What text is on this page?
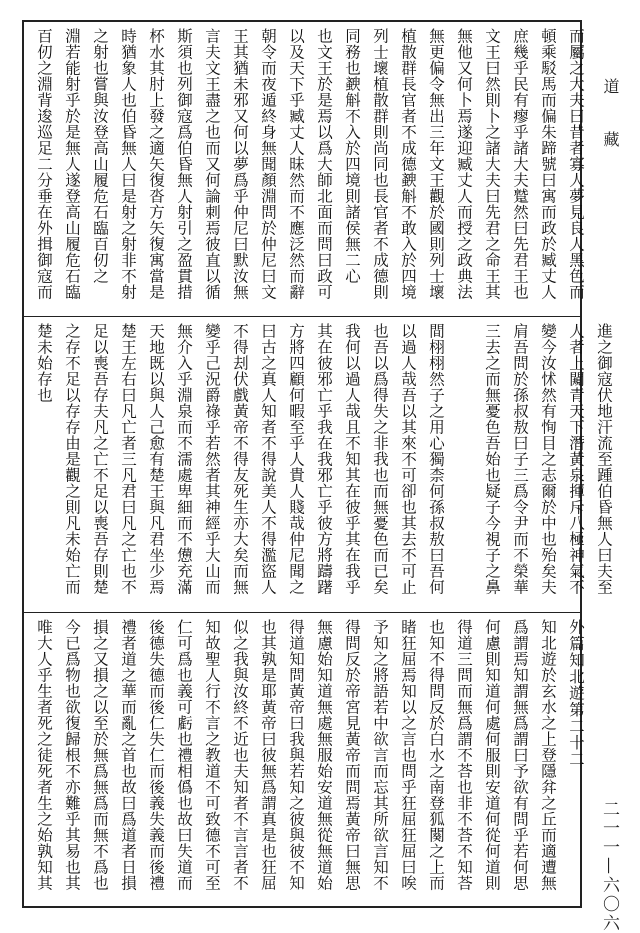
而屬之大夫曰昔者寡人夢見良人黑色而
頓乘駁馬而偏朱蹄號曰寓而政於臧丈人
庶幾乎民有瘳乎諸大夫蹵然曰先君王也
文王曰然則卜之諸大夫曰先君之命王其
無他又何卜焉遂迎臧丈人而授之政典法
無更偏令無出三年文王觀於國則列士壞
植散群長官者不成德斔斛不敢入於四境
列士壞植散群則尚同也長官者不成德則
同務也斔斛不入於四境則諸侯無二心
也文王於是焉以爲大師北面而問曰政可
以及天下乎臧丈人昧然而不應泛然而辭
朝令而夜遁終身無聞顏淵問於仲尼曰文
王其猶未邪又何以夢爲乎仲尼曰默汝無
言夫文王盡之也而又何論刺焉彼直以循
斯須也列御寇爲伯昏無人射引之盈貫措
杯水其肘上發之適矢復沓方矢復寓當是
時猶象人也伯昏無人曰是射之射非不射
之射也嘗與汝登高山履危石臨百仞之
淵若能射乎於是無人遂登高山履危石臨
百仞之淵背逡巡足二分垂在外揖御寇而
進之御寇伏地汗流至踵伯昏無人曰夫至
人者上闚青天下潛黃泉揮斥八極神氣不
變今汝怵然有恂目之志爾於中也殆矣夫
肩吾問於孫叔敖曰子三爲令尹而不榮華
三去之而無憂色吾始也疑子今視子之鼻

間栩栩然子之用心獨柰何孫叔敖曰吾何
以過人哉吾以其來不可卻也其去不可止
也吾以爲得失之非我也而無憂色而已矣
我何以過人哉且不知其在彼乎其在我乎
其在彼邪亡乎我在我邪亡乎彼方將躊躇
方將四顧何暇至乎人貴人賤哉仲尼聞之
曰古之真人知者不得說美人不得濫盜人
不得刦伏戲黃帝不得友死生亦大矣而無
變乎己況爵祿乎若然者其神經乎大山而
無介入乎淵泉而不濡處卑細而不憊充滿
天地既以與人己愈有楚王與凡君坐少焉
楚王左右曰凡亡者三凡君曰凡之亡也不
足以喪吾存夫凡之亡不足以喪吾存則楚
之存不足以存存由是觀之則凡未始亡而
楚未始存也

外篇知北遊第二十二
知北遊於玄水之上登隱弅之丘而適遭無
爲謂焉知謂無爲謂曰予欲有問乎若何思
何慮則知道何處何服則安道何從何道則
得道三問而無爲謂不荅也非不荅不知荅
也知不得問反於白水之南登狐闋之上而
睹狂屈焉知以之言也問乎狂屈狂屈曰唉
予知之將語若中欲言而忘其所欲言知不
得問反於帝宮見黃帝而問焉黃帝曰無思
無慮始知道無處無服始安道無從無道始
得道知問黃帝曰我與若知之彼與彼不知
也其孰是耶黃帝曰彼無爲謂真是也狂屈
似之我與汝終不近也夫知者不言言者不
知故聖人行不言之教道不可致德不可至
仁可爲也義可虧也禮相僞也故曰失道而
後德失德而後仁失仁而後義失義而後禮
禮者道之華而亂之首也故曰爲道者日損
損之又損之以至於無爲無爲而無不爲也
今已爲物也欲復歸根不亦難乎其易也其
唯大人乎生者死之徒死者生之始孰知其
道 藏
二一一—六〇六
